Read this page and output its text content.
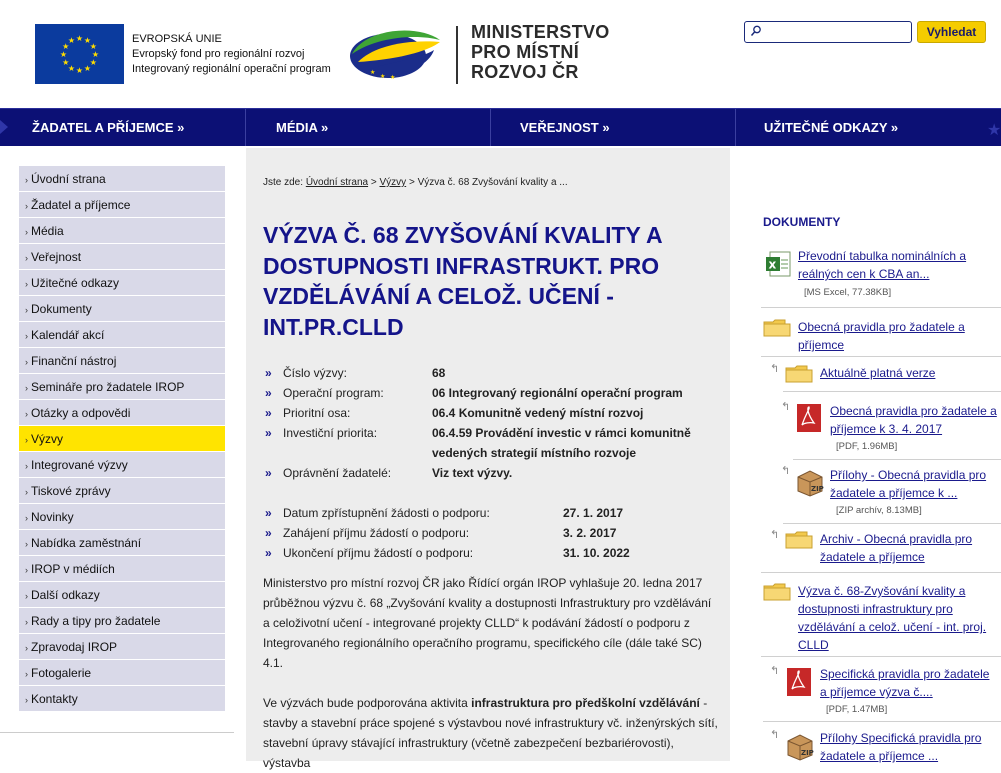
★ ★
★
★
★
★
★
★
★
★
★
★	EVROPSKÁ UNIE
Evropský fond pro regionální rozvoj
Integrovaný regionální operační program	★
★ ★
MINISTERSTVO
PRO MÍSTNÍ
ROZVOJ ČR
Vyhledat
ŽADATEL A PŘÍJEMCE »	MÉDIA »	VEŘEJNOST »	UŽITEČNÉ ODKAZY »	★
› Úvodní strana
› Žadatel a příjemce
› Média
› Veřejnost
› Užitečné odkazy
› Dokumenty
› Kalendář akcí
› Finanční nástroj
› Semináře pro žadatele IROP
› Otázky a odpovědi
› Výzvy
› Integrované výzvy
› Tiskové zprávy
› Novinky
› Nabídka zaměstnání
› IROP v médiích
› Další odkazy
› Rady a tipy pro žadatele
› Zpravodaj IROP
› Fotogalerie
› Kontakty
Jste zde: Úvodní strana > Výzvy > Výzva č. 68 Zvyšování kvality a ...
VÝZVA Č. 68 ZVYŠOVÁNÍ KVALITY A DOSTUPNOSTI INFRASTRUKT. PRO VZDĚLÁVÁNÍ A CELOŽ. UČENÍ - INT.PR.CLLD
» Číslo výzvy:	68
» Operační program:	06 Integrovaný regionální operační program
» Prioritní osa:	06.4 Komunitně vedený místní rozvoj
» Investiční priorita:	06.4.59 Provádění investic v rámci komunitně vedených strategií místního rozvoje
» Oprávnění žadatelé:	Viz text výzvy.
» Datum zpřístupnění žádosti o podporu:	27. 1. 2017
» Zahájení příjmu žádostí o podporu:	3. 2. 2017
» Ukončení příjmu žádostí o podporu:	31. 10. 2022

Ministerstvo pro místní rozvoj ČR jako Řídící orgán IROP vyhlašuje 20. ledna 2017 průběžnou výzvu č. 68 „Zvyšování kvality a dostupnosti Infrastruktury pro vzdělávání a celoživotní učení - integrované projekty CLLD“ k podávání žádostí o podporu z Integrovaného regionálního operačního programu, specifického cíle (dále také SC) 4.1.

Ve výzvách bude podporována aktivita infrastruktura pro předškolní vzdělávání - stavby a stavební práce spojené s výstavbou nové infrastruktury vč. inženýrských sítí, stavební úpravy stávající infrastruktury (včetně zabezpečení bezbariérovosti), výstavba

DOKUMENTY
x
Převodní tabulka nominálních a reálných cen k CBA an...
[MS Excel, 77.38KB]
Obecná pravidla pro žadatele a příjemce
↰	Aktuálně platná verze
↰	Obecná pravidla pro žadatele a příjemce k 3. 4. 2017
[PDF, 1.96MB]
↰
ZIP
Přílohy - Obecná pravidla pro žadatele a příjemce k ...
[ZIP archív, 8.13MB]
↰	Archiv - Obecná pravidla pro žadatele a příjemce
Výzva č. 68-Zvyšování kvality a dostupnosti infrastruktury pro vzdělávání a celož. učení - int. proj. CLLD
↰	Specifická pravidla pro žadatele a příjemce výzva č....
[PDF, 1.47MB]
↰
ZIP
Přílohy Specifická pravidla pro žadatele a příjemce ...
